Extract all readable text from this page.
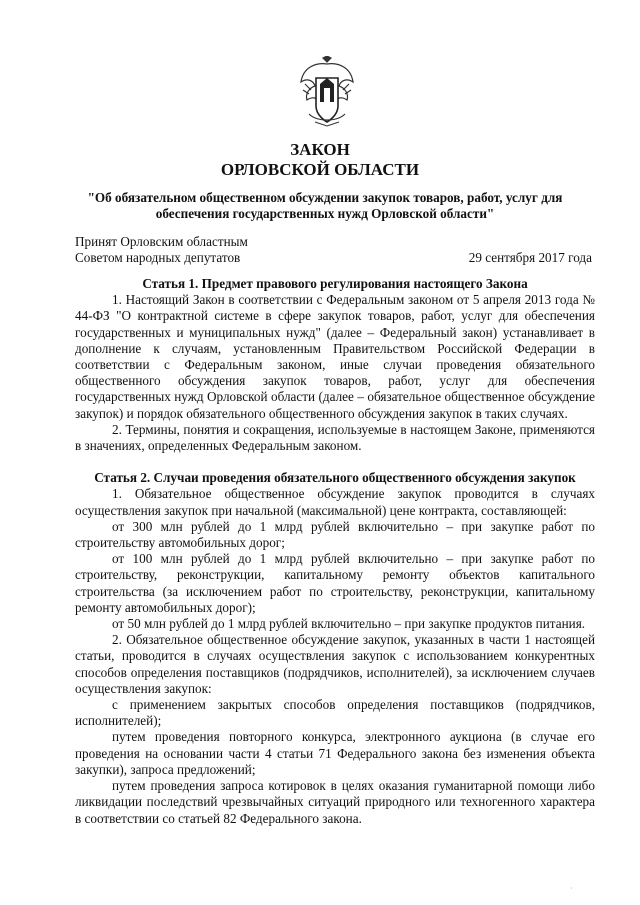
ЗАКОН
ОРЛОВСКОЙ ОБЛАСТИ
"Об обязательном общественном обсуждении закупок товаров, работ, услуг для
обеспечения государственных нужд Орловской области"
Принят Орловским областным
Советом народных депутатов	29 сентября 2017 года
Статья 1. Предмет правового регулирования настоящего Закона

1. Настоящий Закон в соответствии с Федеральным законом от 5 апреля 2013 года № 44-ФЗ "О контрактной системе в сфере закупок товаров, работ, услуг для обеспечения государственных и муниципальных нужд" (далее – Федеральный закон) устанавливает в дополнение к случаям, установленным Правительством Российской Федерации в соответствии с Федеральным законом, иные случаи проведения обязательного общественного обсуждения закупок товаров, работ, услуг для обеспечения государственных нужд Орловской области (далее – обязательное общественное обсуждение закупок) и порядок обязательного общественного обсуждения закупок в таких случаях.

2. Термины, понятия и сокращения, используемые в настоящем Законе, применяются в значениях, определенных Федеральным законом.

Статья 2. Случаи проведения обязательного общественного обсуждения закупок

1. Обязательное общественное обсуждение закупок проводится в случаях осуществления закупок при начальной (максимальной) цене контракта, составляющей:

от 300 млн рублей до 1 млрд рублей включительно – при закупке работ по строительству автомобильных дорог;

от 100 млн рублей до 1 млрд рублей включительно – при закупке работ по строительству, реконструкции, капитальному ремонту объектов капитального строительства (за исключением работ по строительству, реконструкции, капитальному ремонту автомобильных дорог);

от 50 млн рублей до 1 млрд рублей включительно – при закупке продуктов питания.

2. Обязательное общественное обсуждение закупок, указанных в части 1 настоящей статьи, проводится в случаях осуществления закупок с использованием конкурентных способов определения поставщиков (подрядчиков, исполнителей), за исключением случаев осуществления закупок:

с применением закрытых способов определения поставщиков (подрядчиков, исполнителей);

путем проведения повторного конкурса, электронного аукциона (в случае его проведения на основании части 4 статьи 71 Федерального закона без изменения объекта закупки), запроса предложений;

путем проведения запроса котировок в целях оказания гуманитарной помощи либо ликвидации последствий чрезвычайных ситуаций природного или техногенного характера в соответствии со статьей 82 Федерального закона.

·
